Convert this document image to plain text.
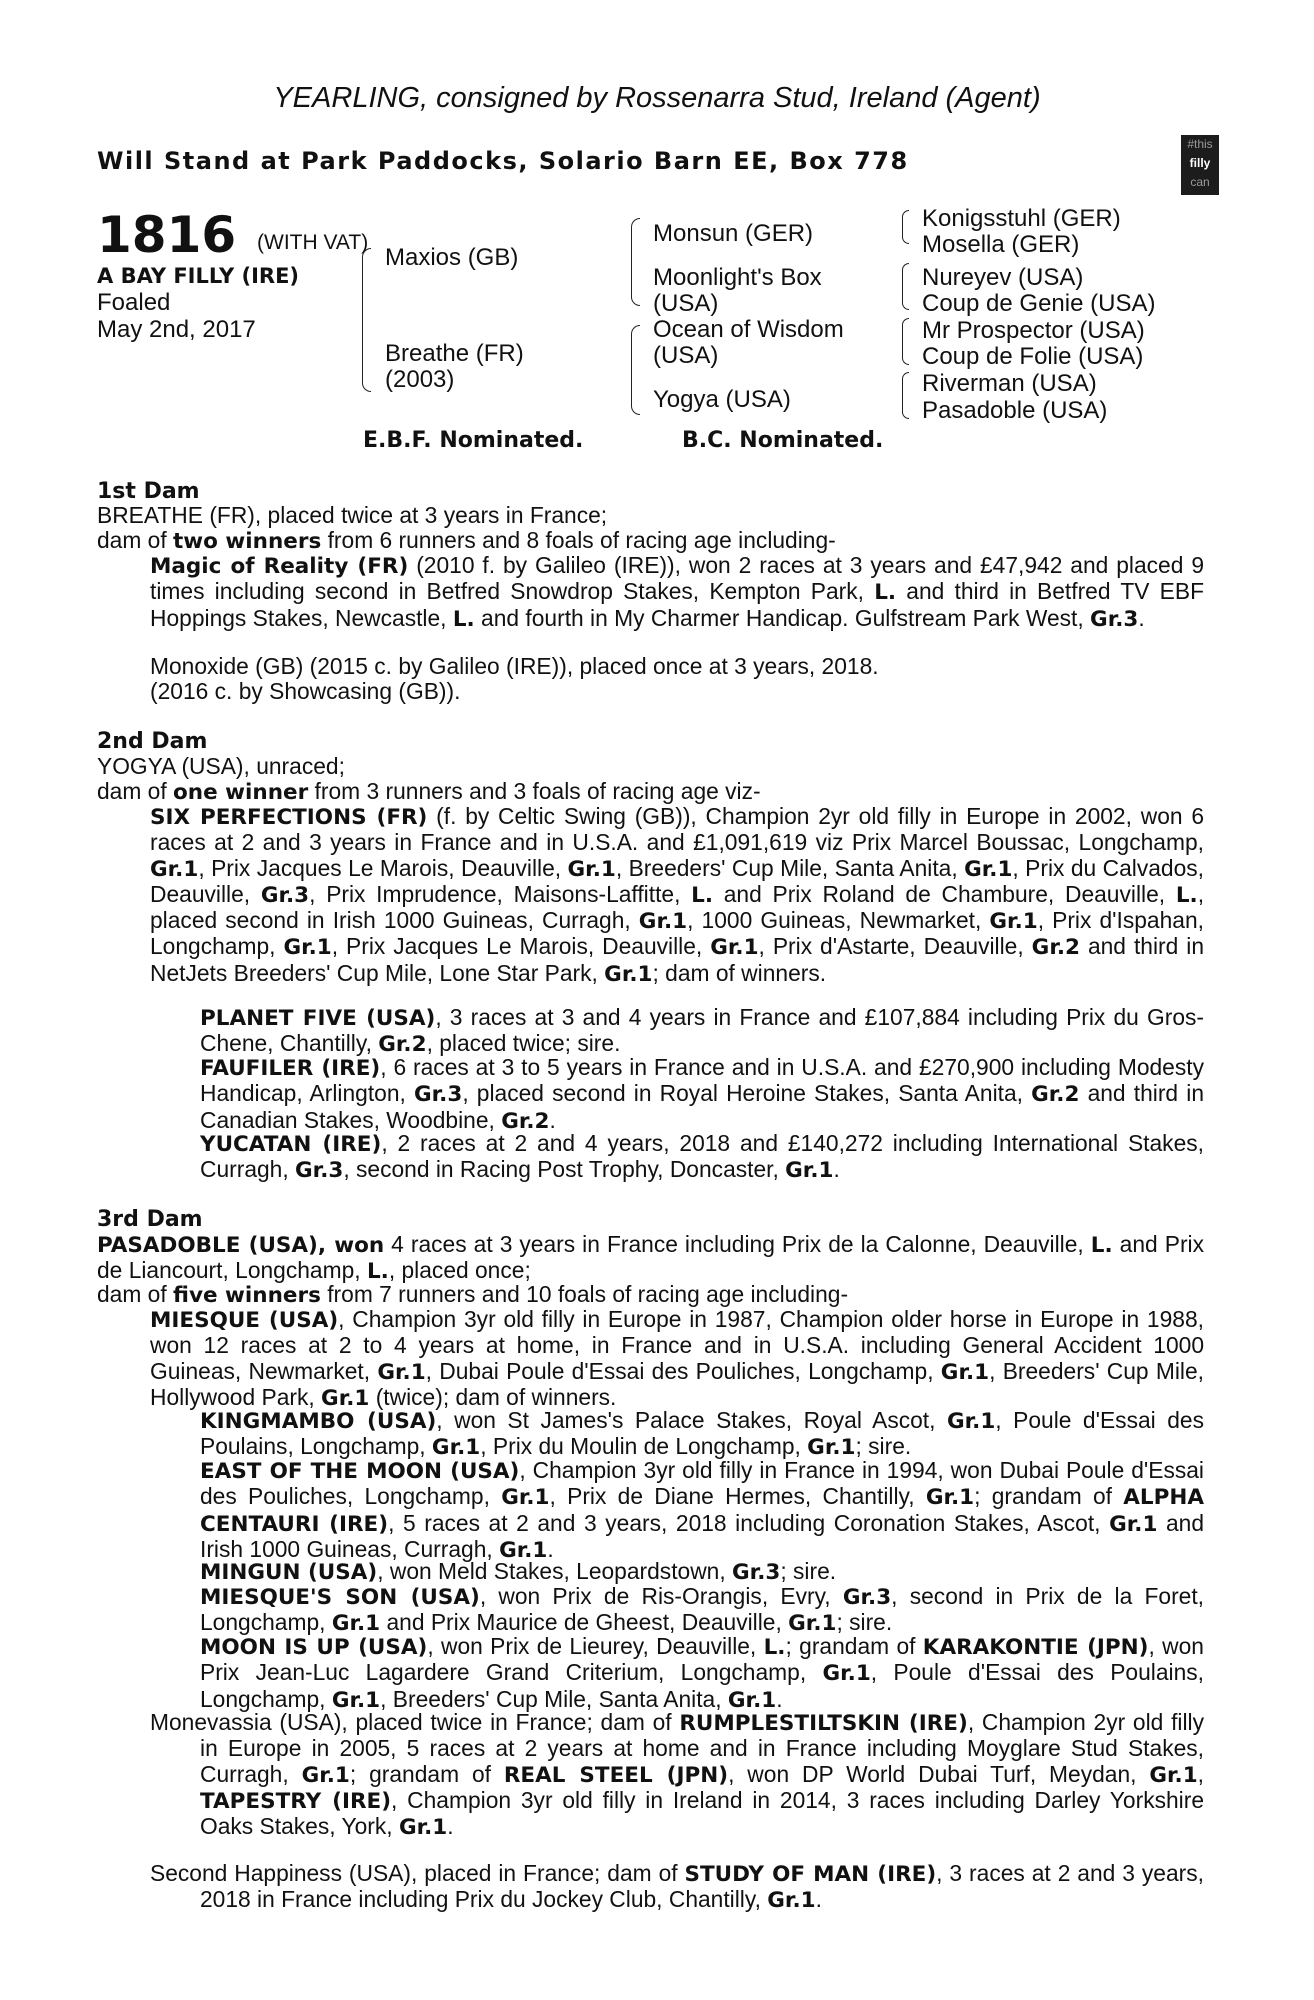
YEARLING, consigned by Rossenarra Stud, Ireland (Agent)
Will Stand at Park Paddocks, Solario Barn EE, Box 778
#this
filly
can
1816 (WITH VAT)
A BAY FILLY (IRE)
Foaled
May 2nd, 2017
Maxios (GB)
Breathe (FR)
(2003)
Monsun (GER)
Moonlight's Box
(USA)
Ocean of Wisdom
(USA)
Yogya (USA)
Konigsstuhl (GER)
Mosella (GER)
Nureyev (USA)
Coup de Genie (USA)
Mr Prospector (USA)
Coup de Folie (USA)
Riverman (USA)
Pasadoble (USA)
E.B.F. Nominated.	B.C. Nominated.
1st Dam
BREATHE (FR), placed twice at 3 years in France;
dam of two winners from 6 runners and 8 foals of racing age including-
Magic of Reality (FR) (2010 f. by Galileo (IRE)), won 2 races at 3 years and £47,942 and placed 9 times including second in Betfred Snowdrop Stakes, Kempton Park, L. and third in Betfred TV EBF Hoppings Stakes, Newcastle, L. and fourth in My Charmer Handicap. Gulfstream Park West, Gr.3.
Monoxide (GB) (2015 c. by Galileo (IRE)), placed once at 3 years, 2018.
(2016 c. by Showcasing (GB)).
2nd Dam
YOGYA (USA), unraced;
dam of one winner from 3 runners and 3 foals of racing age viz-
SIX PERFECTIONS (FR) (f. by Celtic Swing (GB)), Champion 2yr old filly in Europe in 2002, won 6 races at 2 and 3 years in France and in U.S.A. and £1,091,619 viz Prix Marcel Boussac, Longchamp, Gr.1, Prix Jacques Le Marois, Deauville, Gr.1, Breeders' Cup Mile, Santa Anita, Gr.1, Prix du Calvados, Deauville, Gr.3, Prix Imprudence, Maisons-Laffitte, L. and Prix Roland de Chambure, Deauville, L., placed second in Irish 1000 Guineas, Curragh, Gr.1, 1000 Guineas, Newmarket, Gr.1, Prix d'Ispahan, Longchamp, Gr.1, Prix Jacques Le Marois, Deauville, Gr.1, Prix d'Astarte, Deauville, Gr.2 and third in NetJets Breeders' Cup Mile, Lone Star Park, Gr.1; dam of winners.
PLANET FIVE (USA), 3 races at 3 and 4 years in France and £107,884 including Prix du Gros-Chene, Chantilly, Gr.2, placed twice; sire.
FAUFILER (IRE), 6 races at 3 to 5 years in France and in U.S.A. and £270,900 including Modesty Handicap, Arlington, Gr.3, placed second in Royal Heroine Stakes, Santa Anita, Gr.2 and third in Canadian Stakes, Woodbine, Gr.2.
YUCATAN (IRE), 2 races at 2 and 4 years, 2018 and £140,272 including International Stakes, Curragh, Gr.3, second in Racing Post Trophy, Doncaster, Gr.1.
3rd Dam
PASADOBLE (USA), won 4 races at 3 years in France including Prix de la Calonne, Deauville, L. and Prix de Liancourt, Longchamp, L., placed once;
dam of five winners from 7 runners and 10 foals of racing age including-
MIESQUE (USA), Champion 3yr old filly in Europe in 1987, Champion older horse in Europe in 1988, won 12 races at 2 to 4 years at home, in France and in U.S.A. including General Accident 1000 Guineas, Newmarket, Gr.1, Dubai Poule d'Essai des Pouliches, Longchamp, Gr.1, Breeders' Cup Mile, Hollywood Park, Gr.1 (twice); dam of winners.
KINGMAMBO (USA), won St James's Palace Stakes, Royal Ascot, Gr.1, Poule d'Essai des Poulains, Longchamp, Gr.1, Prix du Moulin de Longchamp, Gr.1; sire.
EAST OF THE MOON (USA), Champion 3yr old filly in France in 1994, won Dubai Poule d'Essai des Pouliches, Longchamp, Gr.1, Prix de Diane Hermes, Chantilly, Gr.1; grandam of ALPHA CENTAURI (IRE), 5 races at 2 and 3 years, 2018 including Coronation Stakes, Ascot, Gr.1 and Irish 1000 Guineas, Curragh, Gr.1.
MINGUN (USA), won Meld Stakes, Leopardstown, Gr.3; sire.
MIESQUE'S SON (USA), won Prix de Ris-Orangis, Evry, Gr.3, second in Prix de la Foret, Longchamp, Gr.1 and Prix Maurice de Gheest, Deauville, Gr.1; sire.
MOON IS UP (USA), won Prix de Lieurey, Deauville, L.; grandam of KARAKONTIE (JPN), won Prix Jean-Luc Lagardere Grand Criterium, Longchamp, Gr.1, Poule d'Essai des Poulains, Longchamp, Gr.1, Breeders' Cup Mile, Santa Anita, Gr.1.
Monevassia (USA), placed twice in France; dam of RUMPLESTILTSKIN (IRE), Champion 2yr old filly in Europe in 2005, 5 races at 2 years at home and in France including Moyglare Stud Stakes, Curragh, Gr.1; grandam of REAL STEEL (JPN), won DP World Dubai Turf, Meydan, Gr.1, TAPESTRY (IRE), Champion 3yr old filly in Ireland in 2014, 3 races including Darley Yorkshire Oaks Stakes, York, Gr.1.
Second Happiness (USA), placed in France; dam of STUDY OF MAN (IRE), 3 races at 2 and 3 years, 2018 in France including Prix du Jockey Club, Chantilly, Gr.1.
